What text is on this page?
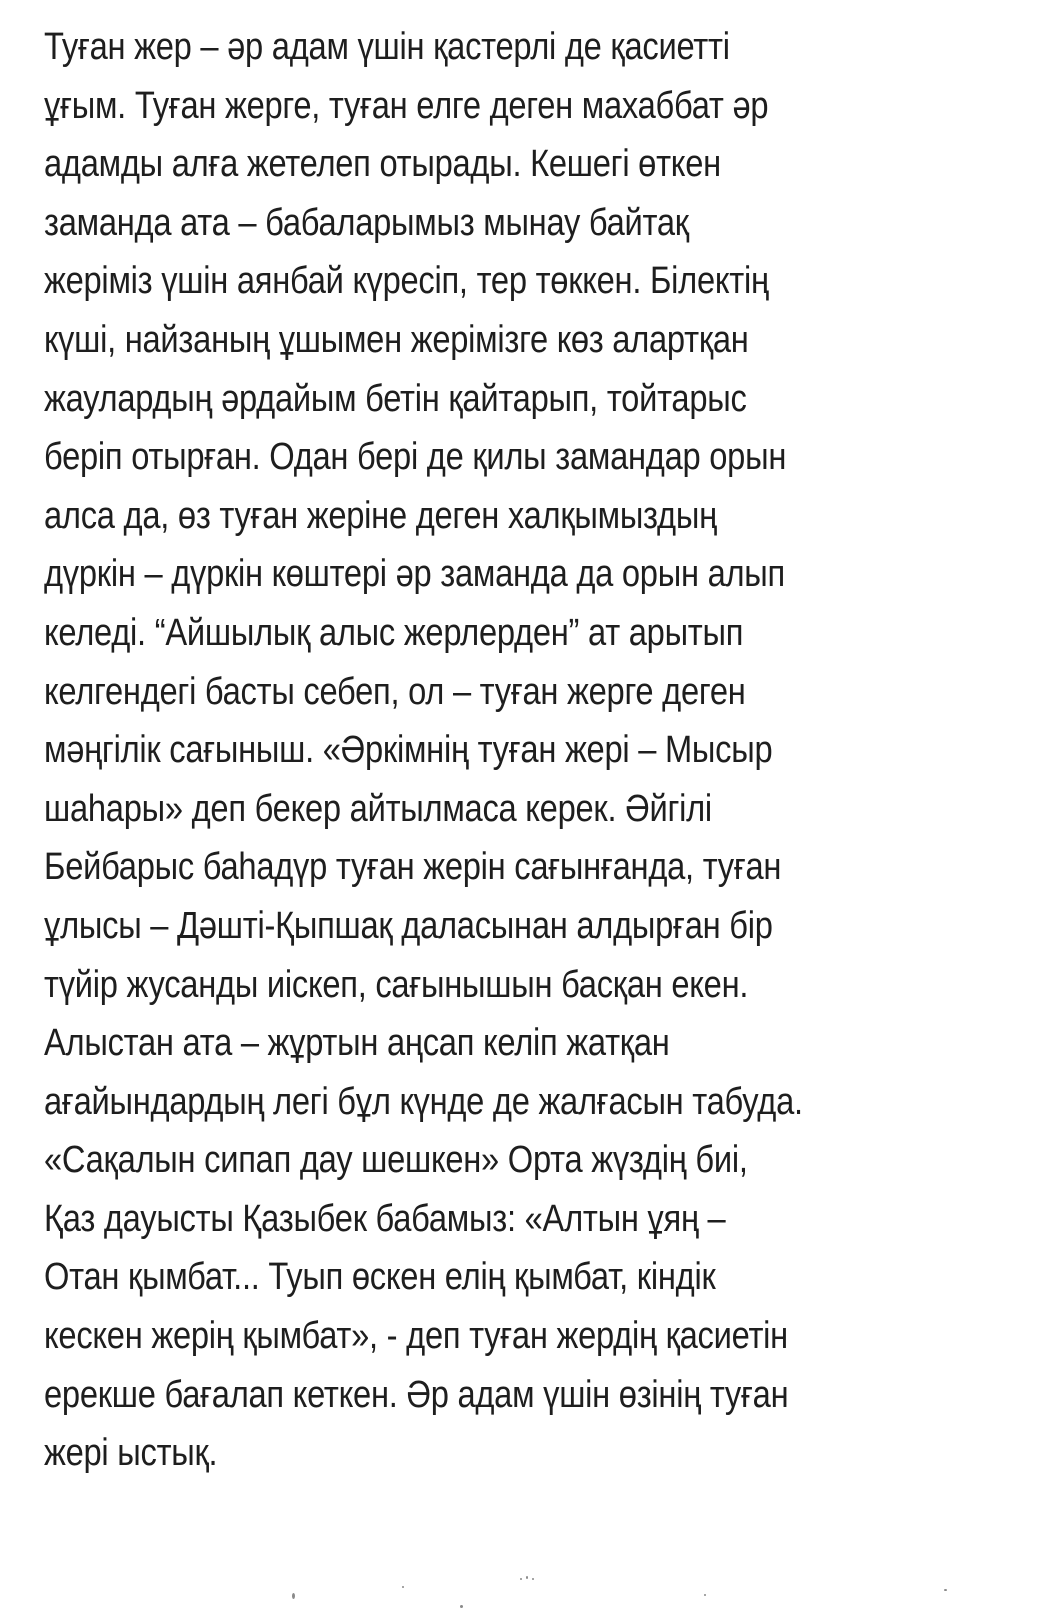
Туған жер – әр адам үшін қастерлі де қасиетті
ұғым. Туған жерге, туған елге деген махаббат әр
адамды алға жетелеп отырады. Кешегі өткен
заманда ата – бабаларымыз мынау байтақ
жеріміз үшін аянбай күресіп, тер төккен. Білектің
күші, найзаның ұшымен жерімізге көз алартқан
жаулардың әрдайым бетін қайтарып, тойтарыс
беріп отырған. Одан бері де қилы замандар орын
алса да, өз туған жеріне деген халқымыздың
дүркін – дүркін көштері әр заманда да орын алып
келеді. “Айшылық алыс жерлерден” ат арытып
келгендегі басты себеп, ол – туған жерге деген
мәңгілік сағыныш. «Әркімнің туған жері – Мысыр
шаһары» деп бекер айтылмаса керек. Әйгілі
Бейбарыс баһадүр туған жерін сағынғанда, туған
ұлысы – Дәшті-Қыпшақ даласынан алдырған бір
түйір жусанды иіскеп, сағынышын басқан екен.
Алыстан ата – жұртын аңсап келіп жатқан
ағайындардың легі бұл күнде де жалғасын табуда.
«Сақалын сипап дау шешкен» Орта жүздің биі,
Қаз дауысты Қазыбек бабамыз: «Алтын ұяң –
Отан қымбат... Туып өскен елің қымбат, кіндік
кескен жерің қымбат», - деп туған жердің қасиетін
ерекше бағалап кеткен. Әр адам үшін өзінің туған
жері ыстық.
